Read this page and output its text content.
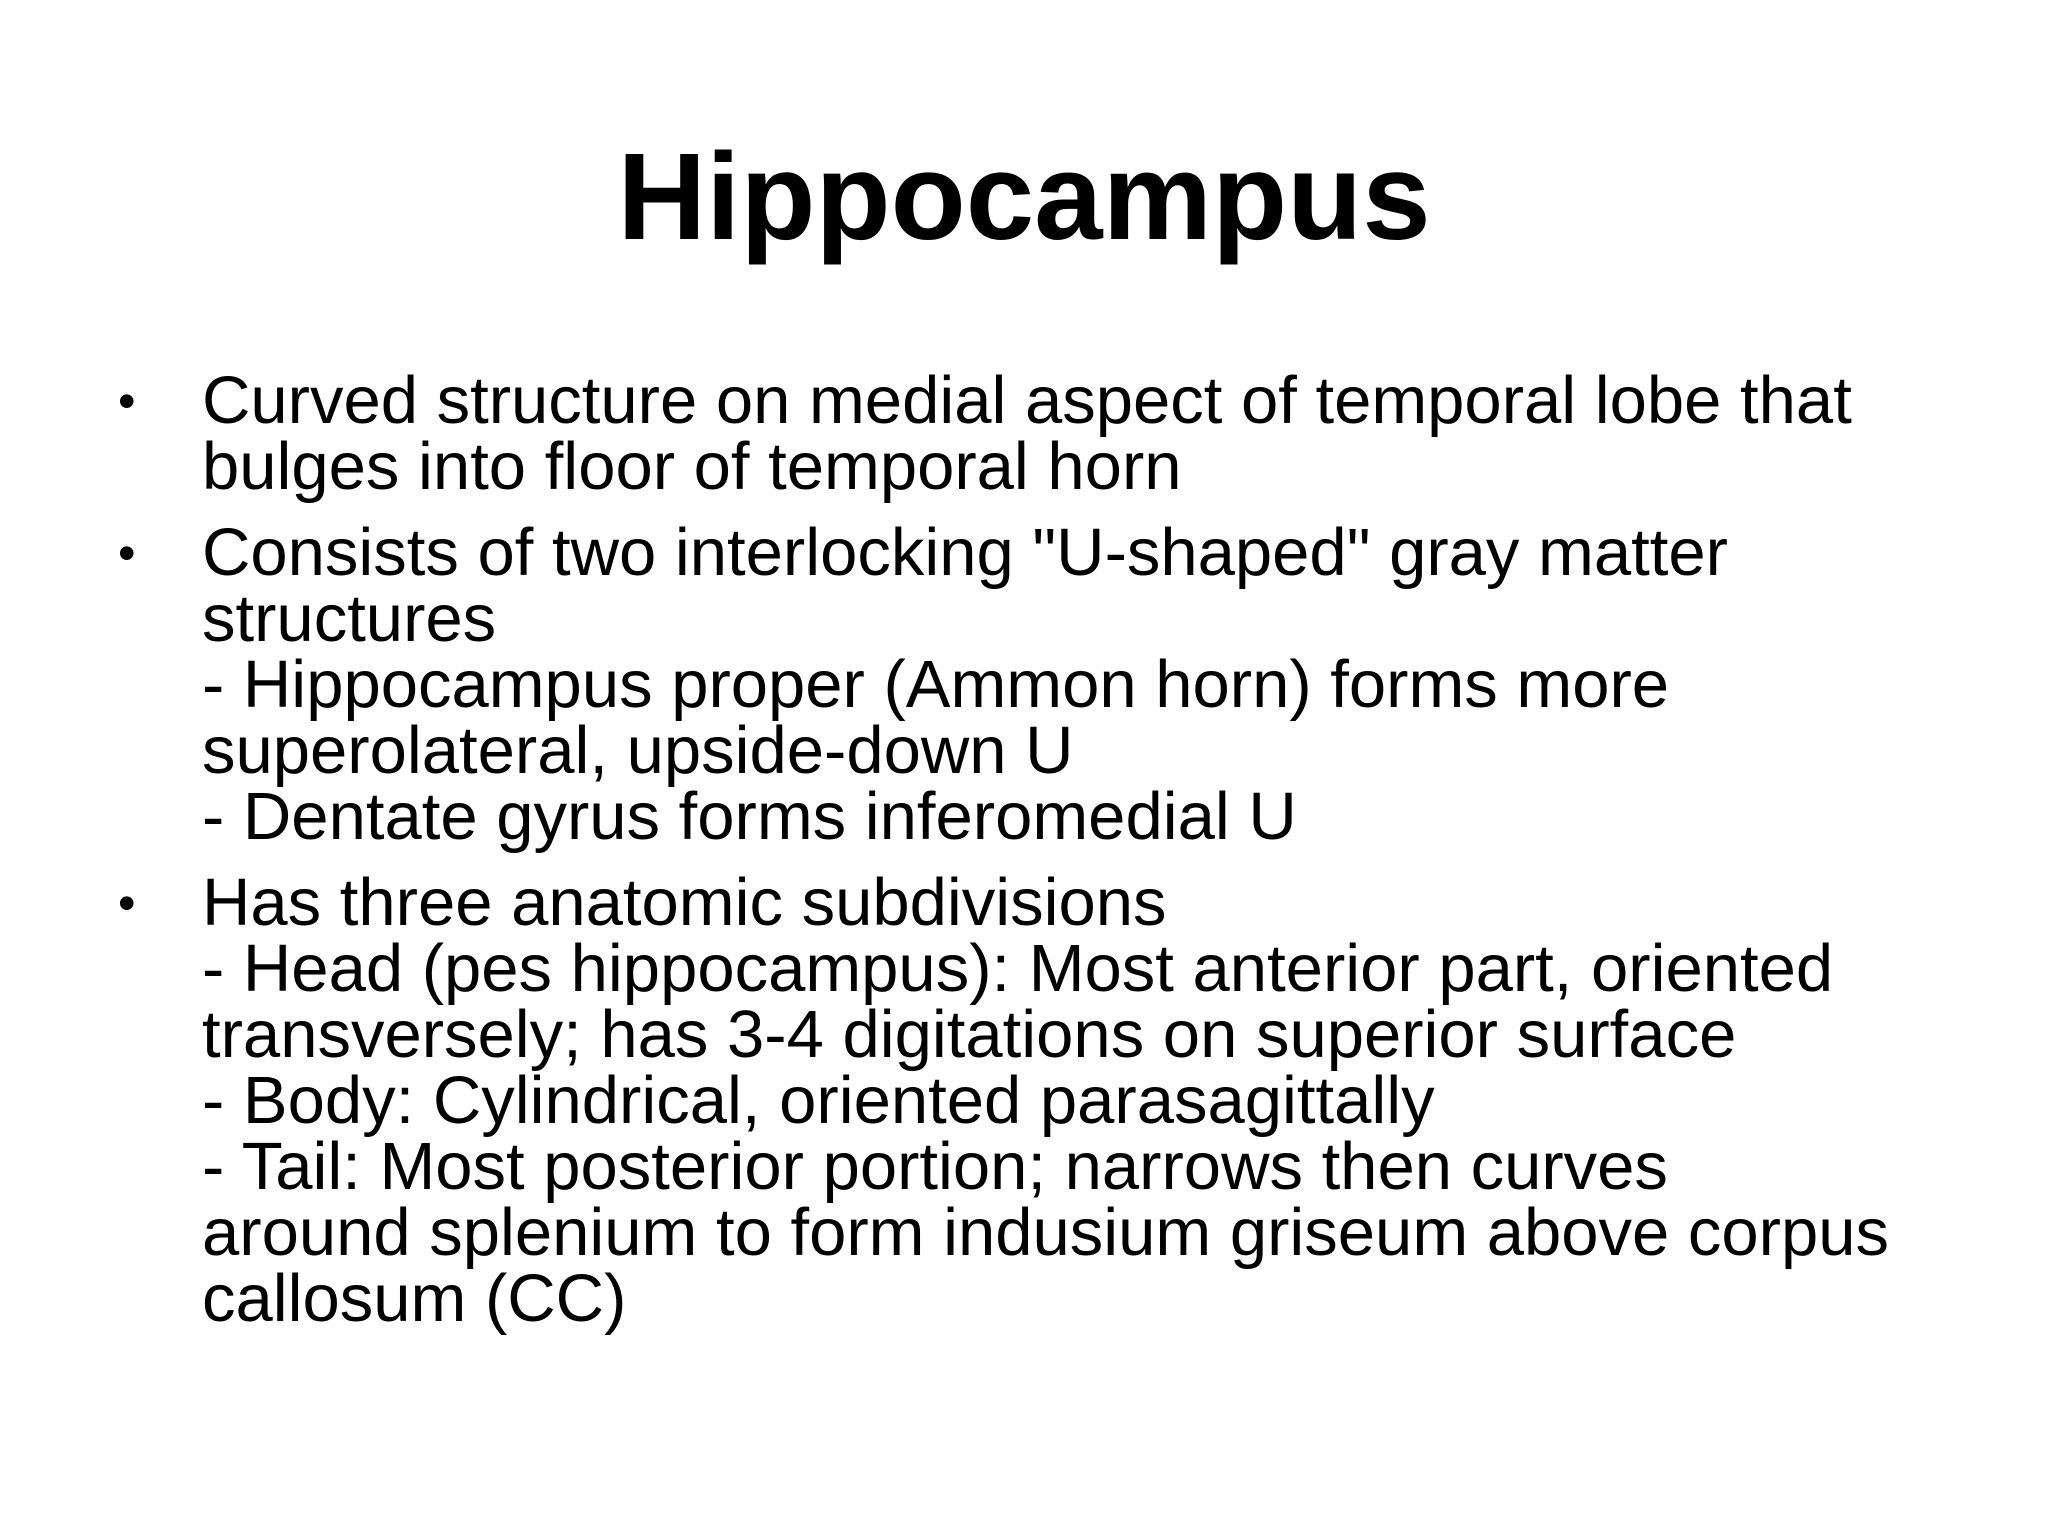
Hippocampus
• Curved structure on medial aspect of temporal lobe that
bulges into floor of temporal horn
• Consists of two interlocking "U-shaped" gray matter
structures
- Hippocampus proper (Ammon horn) forms more
superolateral, upside-down U
- Dentate gyrus forms inferomedial U
• Has three anatomic subdivisions
- Head (pes hippocampus): Most anterior part, oriented
transversely; has 3-4 digitations on superior surface
- Body: Cylindrical, oriented parasagittally
- Tail: Most posterior portion; narrows then curves
around splenium to form indusium griseum above corpus
callosum (CC)
